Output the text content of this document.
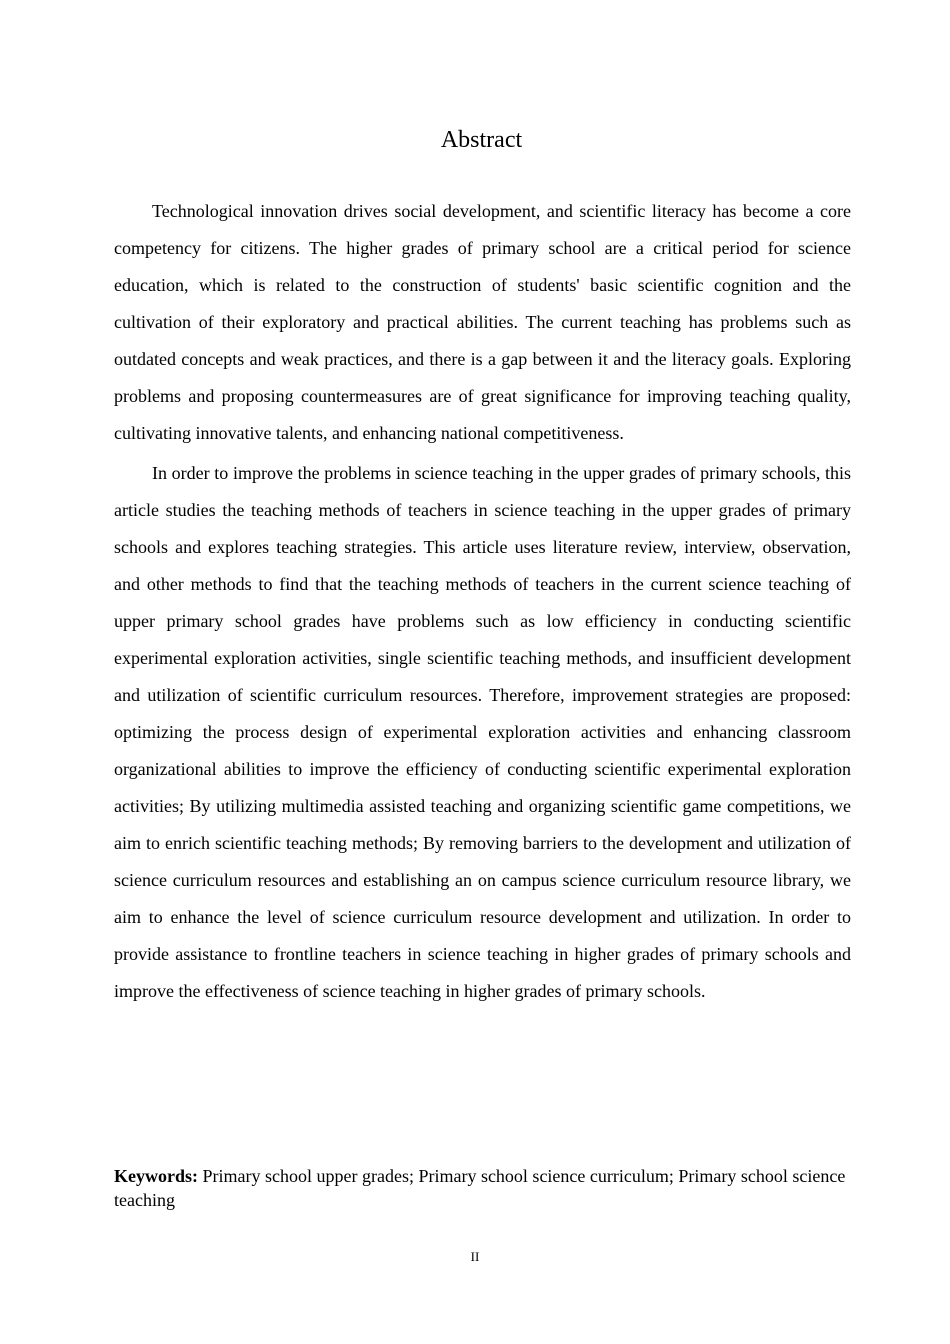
Abstract

Technological innovation drives social development, and scientific literacy has become a core competency for citizens. The higher grades of primary school are a critical period for science education, which is related to the construction of students' basic scientific cognition and the cultivation of their exploratory and practical abilities. The current teaching has problems such as outdated concepts and weak practices, and there is a gap between it and the literacy goals. Exploring problems and proposing countermeasures are of great significance for improving teaching quality, cultivating innovative talents, and enhancing national competitiveness.

In order to improve the problems in science teaching in the upper grades of primary schools, this article studies the teaching methods of teachers in science teaching in the upper grades of primary schools and explores teaching strategies. This article uses literature review, interview, observation, and other methods to find that the teaching methods of teachers in the current science teaching of upper primary school grades have problems such as low efficiency in conducting scientific experimental exploration activities, single scientific teaching methods, and insufficient development and utilization of scientific curriculum resources. Therefore, improvement strategies are proposed: optimizing the process design of experimental exploration activities and enhancing classroom organizational abilities to improve the efficiency of conducting scientific experimental exploration activities; By utilizing multimedia assisted teaching and organizing scientific game competitions, we aim to enrich scientific teaching methods; By removing barriers to the development and utilization of science curriculum resources and establishing an on campus science curriculum resource library, we aim to enhance the level of science curriculum resource development and utilization. In order to provide assistance to frontline teachers in science teaching in higher grades of primary schools and improve the effectiveness of science teaching in higher grades of primary schools.

Keywords: Primary school upper grades; Primary school science curriculum; Primary school science teaching

II
